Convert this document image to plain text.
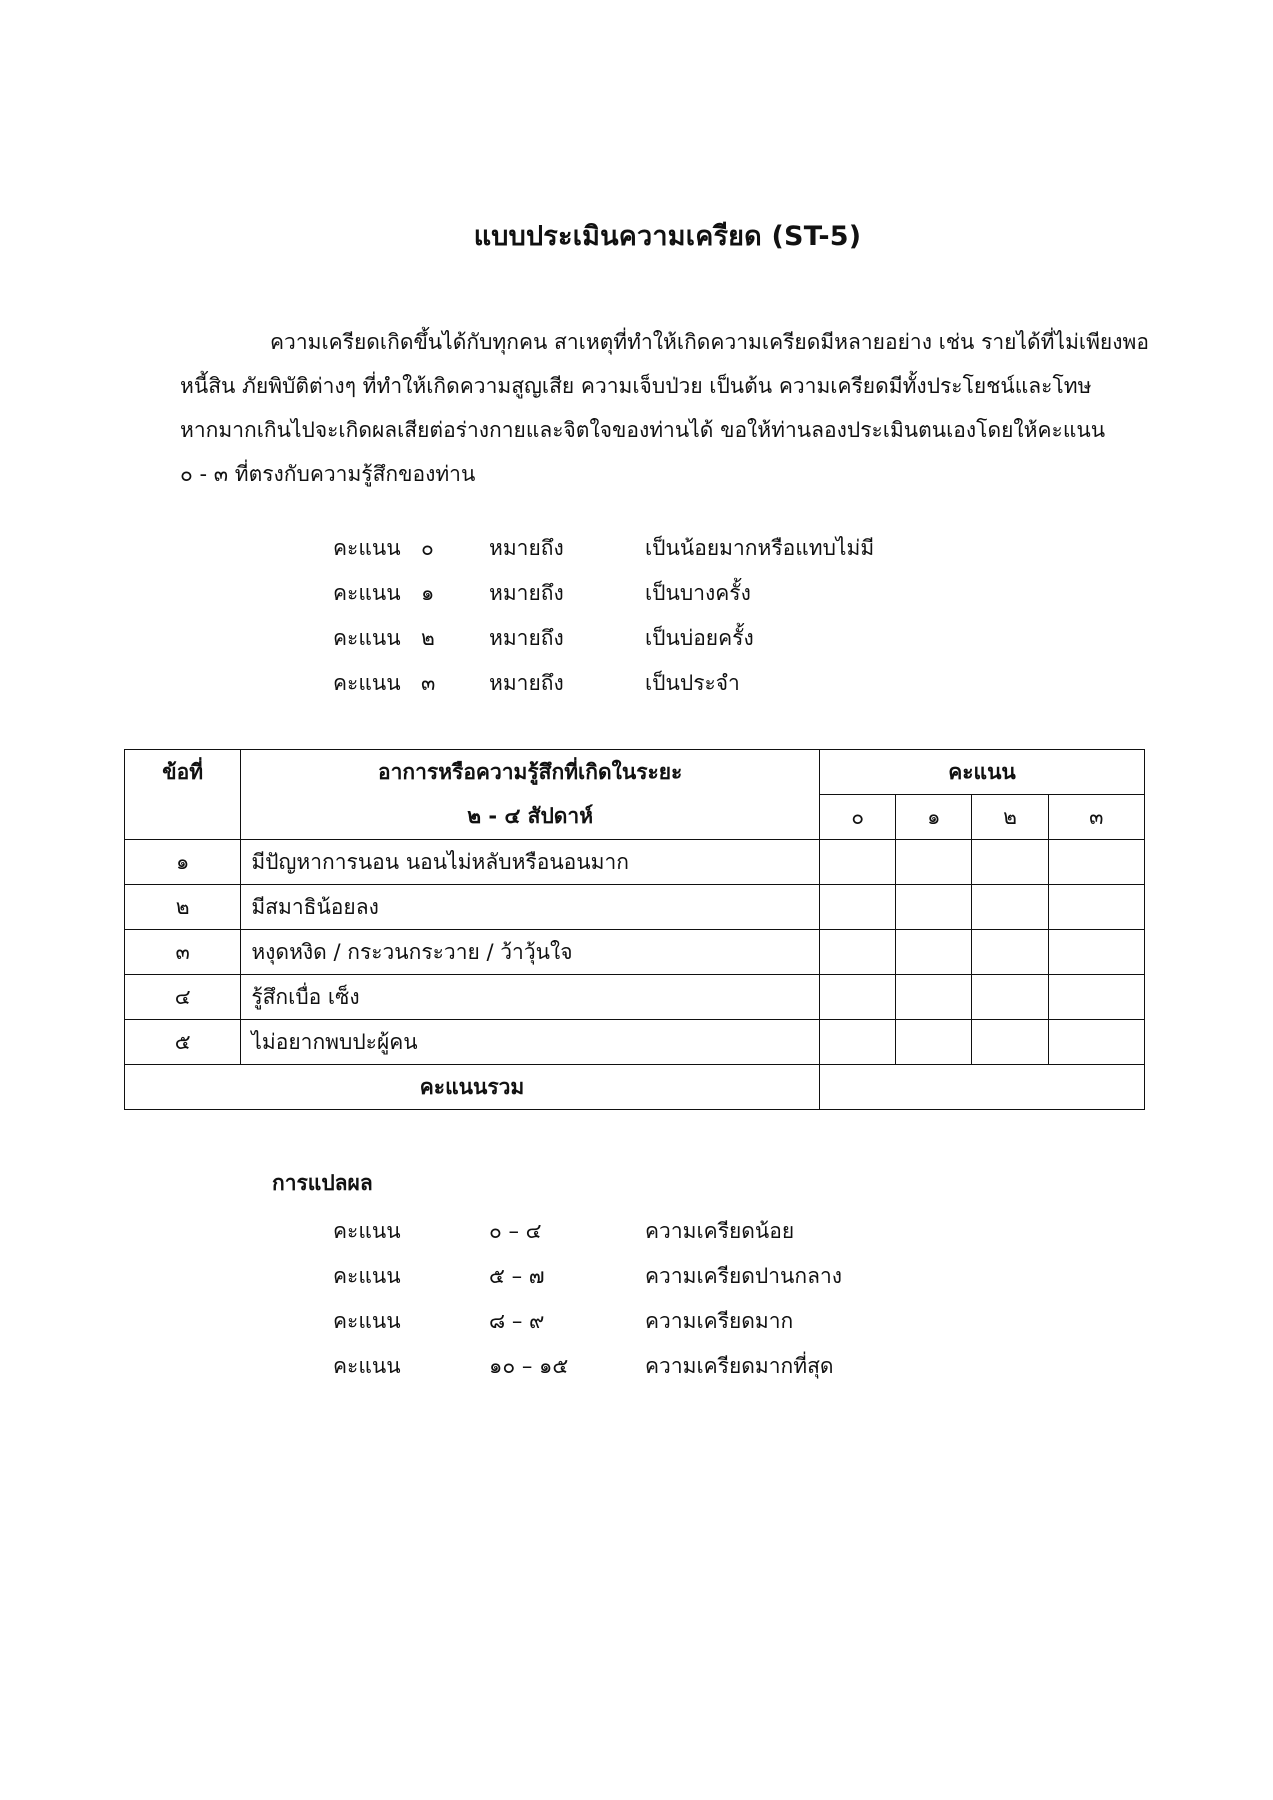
แบบประเมินความเครียด (ST-5)

ความเครียดเกิดขึ้นได้กับทุกคน สาเหตุที่ทำให้เกิดความเครียดมีหลายอย่าง เช่น รายได้ที่ไม่เพียงพอ

หนี้สิน ภัยพิบัติต่างๆ ที่ทำให้เกิดความสูญเสีย ความเจ็บป่วย เป็นต้น ความเครียดมีทั้งประโยชน์และโทษ

หากมากเกินไปจะเกิดผลเสียต่อร่างกายและจิตใจของท่านได้ ขอให้ท่านลองประเมินตนเองโดยให้คะแนน

๐ - ๓ ที่ตรงกับความรู้สึกของท่าน

คะแนน ๐	หมายถึง	เป็นน้อยมากหรือแทบไม่มี
คะแนน ๑	หมายถึง	เป็นบางครั้ง
คะแนน ๒	หมายถึง	เป็นบ่อยครั้ง
คะแนน ๓	หมายถึง	เป็นประจำ
ข้อที่	อาการหรือความรู้สึกที่เกิดในระยะ	คะแนน			
	๒ - ๔ สัปดาห์	๐	๑	๒	๓
๑	มีปัญหาการนอน นอนไม่หลับหรือนอนมาก				
๒	มีสมาธิน้อยลง				
๓	หงุดหงิด / กระวนกระวาย / ว้าวุ้นใจ				
๔	รู้สึกเบื่อ เซ็ง				
๕	ไม่อยากพบปะผู้คน				
คะแนนรวม					
การแปลผล
คะแนน	๐ – ๔	ความเครียดน้อย
คะแนน	๕ – ๗	ความเครียดปานกลาง
คะแนน	๘ – ๙	ความเครียดมาก
คะแนน	๑๐ – ๑๕	ความเครียดมากที่สุด
